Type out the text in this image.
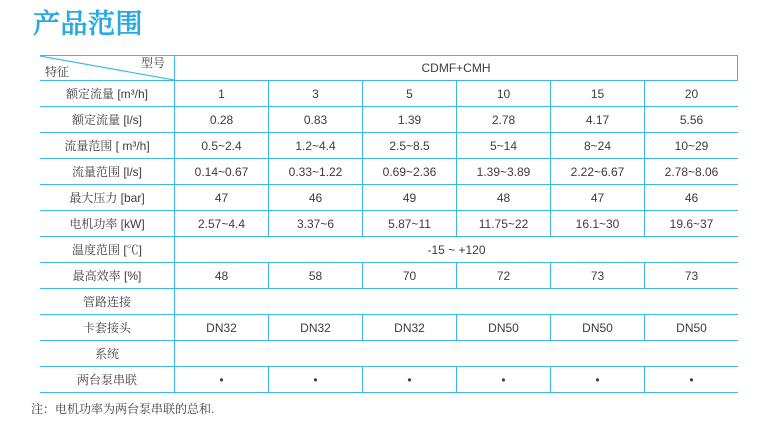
产品范围
型号
特征	CDMF+CMH
额定流量 [m³/h]	1	3	5	10	15	20
额定流量 [l/s]	0.28	0.83	1.39	2.78	4.17	5.56
流量范围 [ m³/h]	0.5~2.4	1.2~4.4	2.5~8.5	5~14	8~24	10~29
流量范围 [l/s]	0.14~0.67	0.33~1.22	0.69~2.36	1.39~3.89	2.22~6.67	2.78~8.06
最大压力 [bar]	47	46	49	48	47	46
电机功率 [kW]	2.57~4.4	3.37~6	5.87~11	11.75~22	16.1~30	19.6~37
温度范围 [℃]	-15 ~ +120
最高效率 [%]	48	58	70	72	73	73
管路连接
卡套接头	DN32	DN32	DN32	DN50	DN50	DN50
系统
两台泵串联	•	•	•	•	•	•
注：电机功率为两台泵串联的总和.
